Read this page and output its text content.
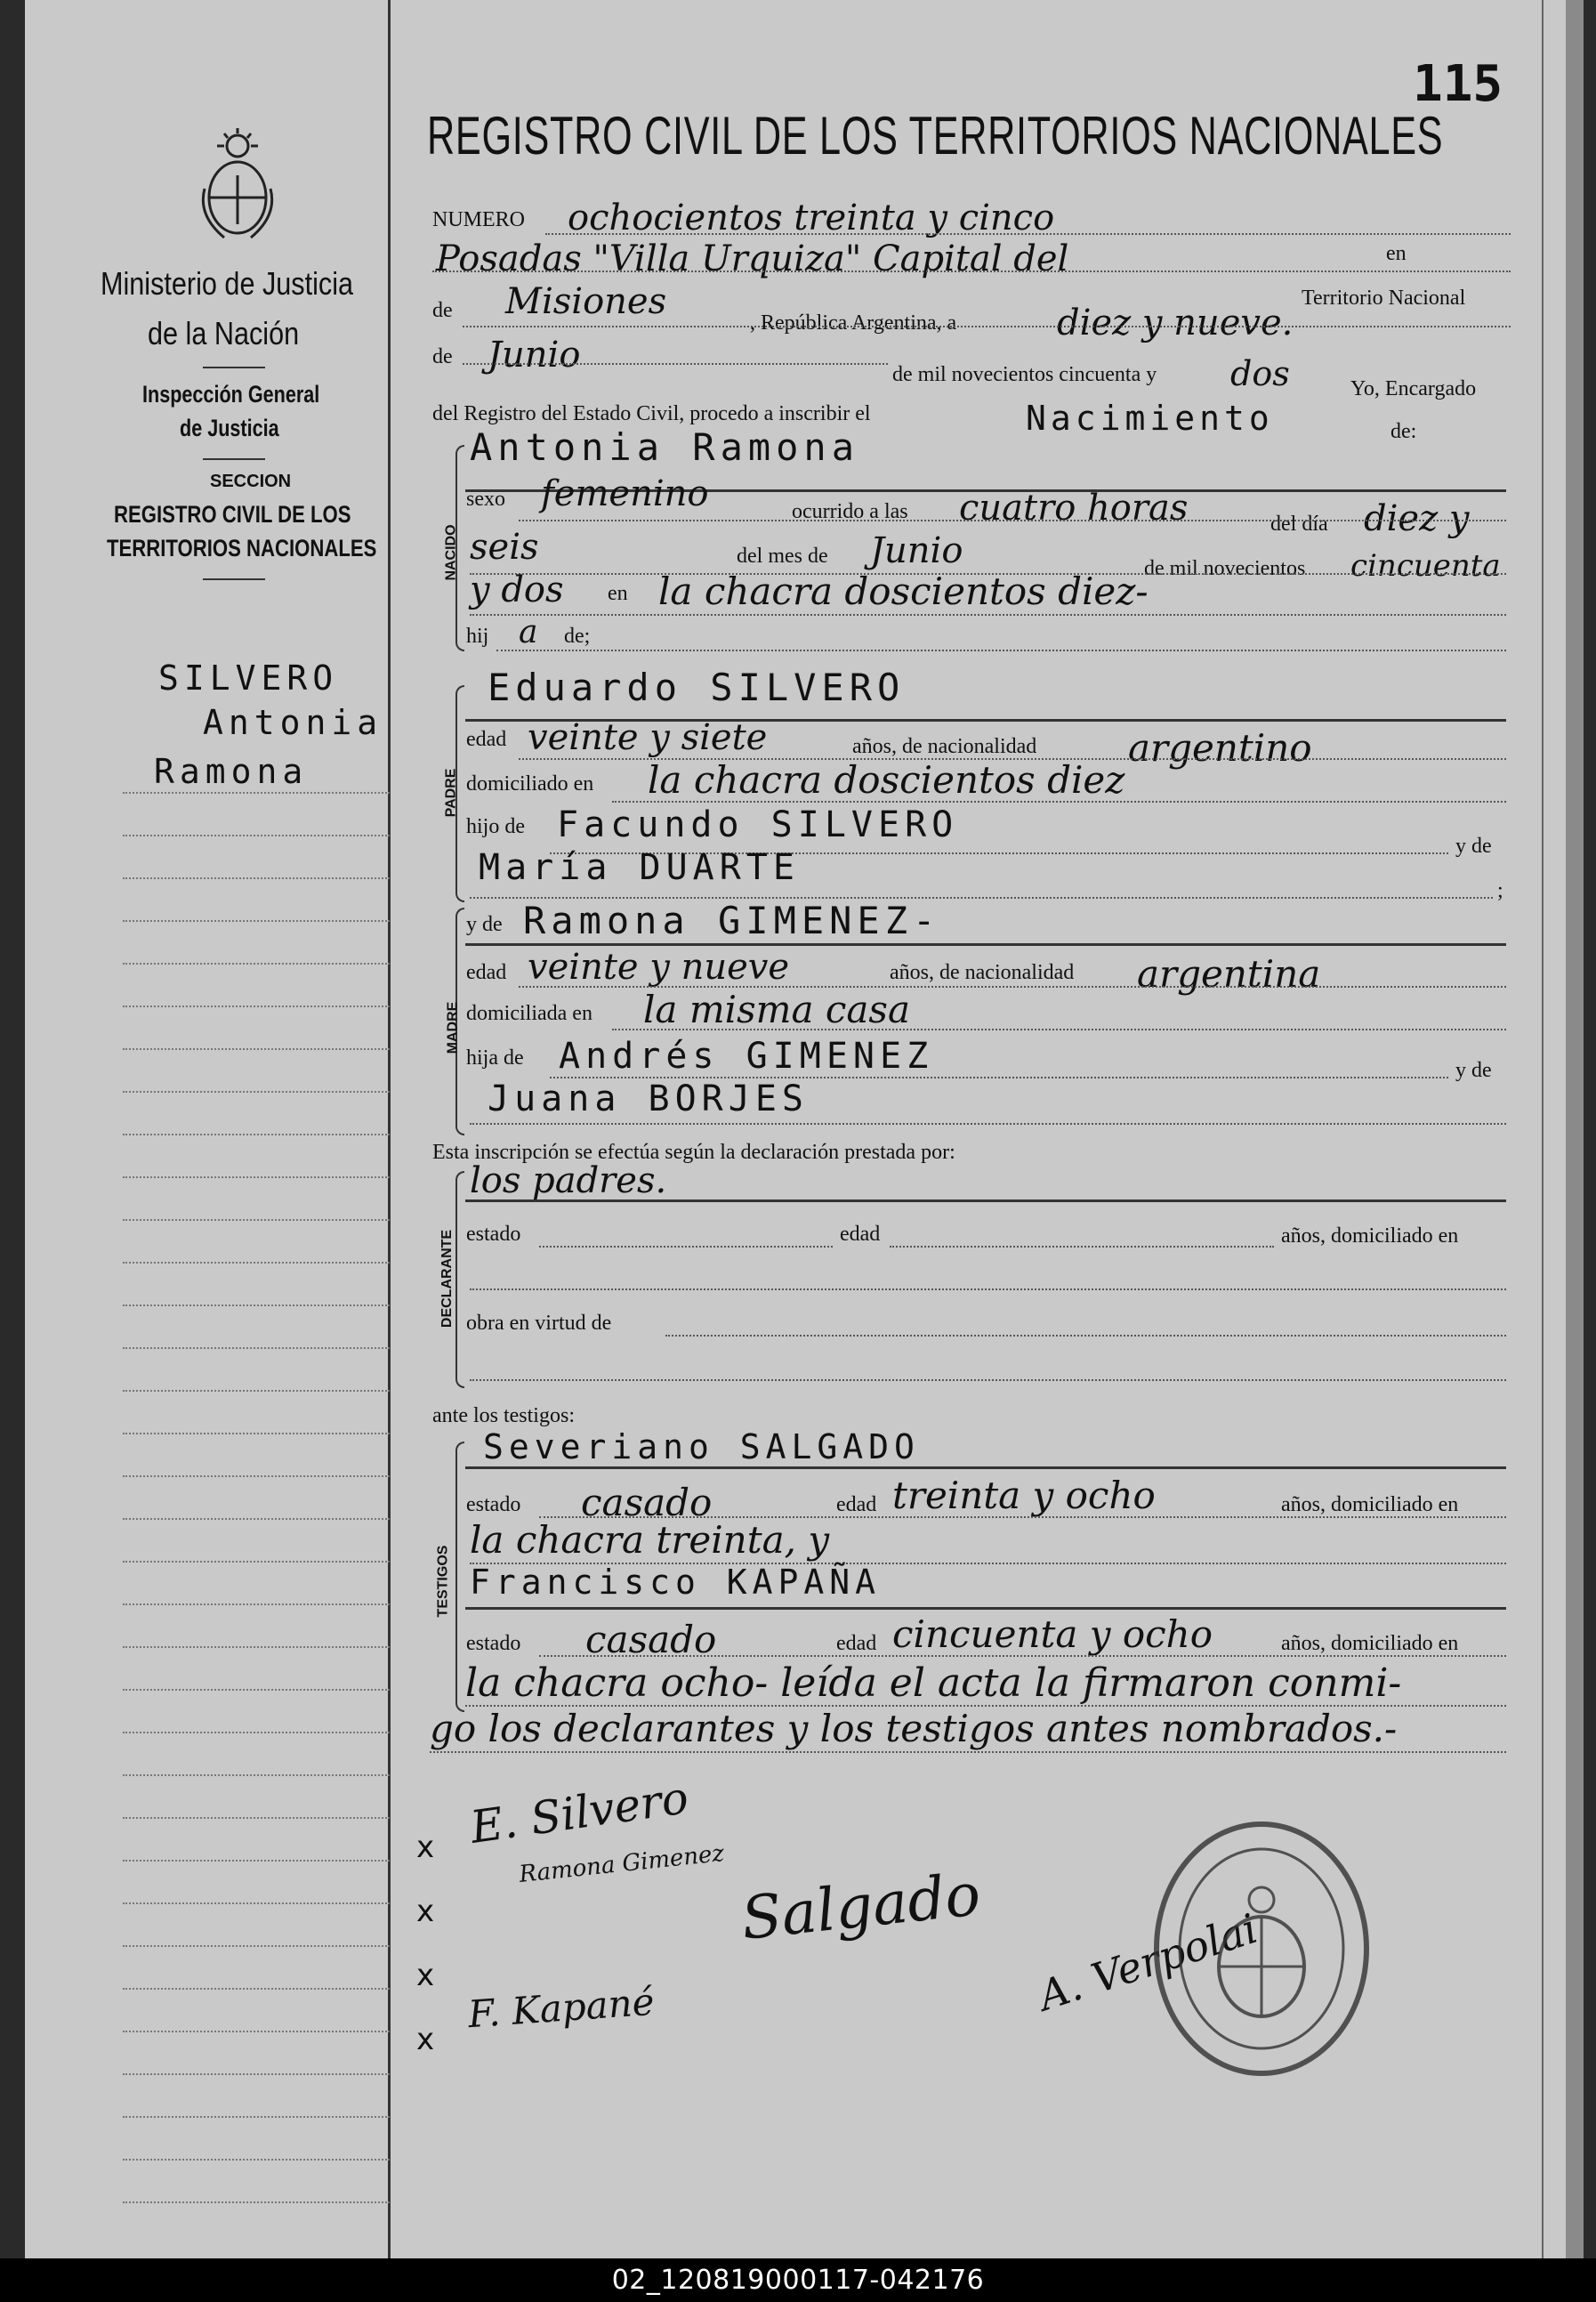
Ministerio de Justicia
de la Nación
Inspección General
de Justicia
SECCION
REGISTRO CIVIL DE LOS
TERRITORIOS NACIONALES
SILVERO
Antonia
Ramona
115
REGISTRO CIVIL DE LOS TERRITORIOS NACIONALES
NUMERO ochocientos treinta y cinco
Posadas "Villa Urquiza" Capital del	en
de Misiones
, República Argentina, a	diez y nueve.
Territorio Nacional
de Junio	de mil novecientos cincuenta y dos	Yo, Encargado
del Registro del Estado Civil, procedo a inscribir el	Nacimiento	de:
NACIDO
Antonia Ramona
sexo femenino	ocurrido a las cuatro horas	del día diez y
seis	del mes de Junio	de mil novecientos cincuenta
y dos en la chacra doscientos diez-
hij a de;
PADRE
Eduardo SILVERO
edad veinte y siete	años, de nacionalidad argentino
domiciliado en la chacra doscientos diez
hijo de Facundo SILVERO
y de
María DUARTE
;
MADRE
y de Ramona GIMENEZ-
edad veinte y nueve	años, de nacionalidad argentina
domiciliada en la misma casa
hija de Andrés GIMENEZ	y de
Juana BORJES
Esta inscripción se efectúa según la declaración prestada por:
DECLARANTE
los padres.
estado	edad	años, domiciliado en
obra en virtud de
ante los testigos:
TESTIGOS
Severiano SALGADO
estado casado	edad treinta y ocho	años, domiciliado en
la chacra treinta, y
Francisco KAPAÑA
estado casado	edad cincuenta y ocho	años, domiciliado en
la chacra ocho- leída el acta la firmaron conmi-
go los declarantes y los testigos antes nombrados.-
E. Silvero
Ramona Gimenez Salgado
F. Kapané	A. Verpolai
x
x
x
x
02_120819000117-042176
